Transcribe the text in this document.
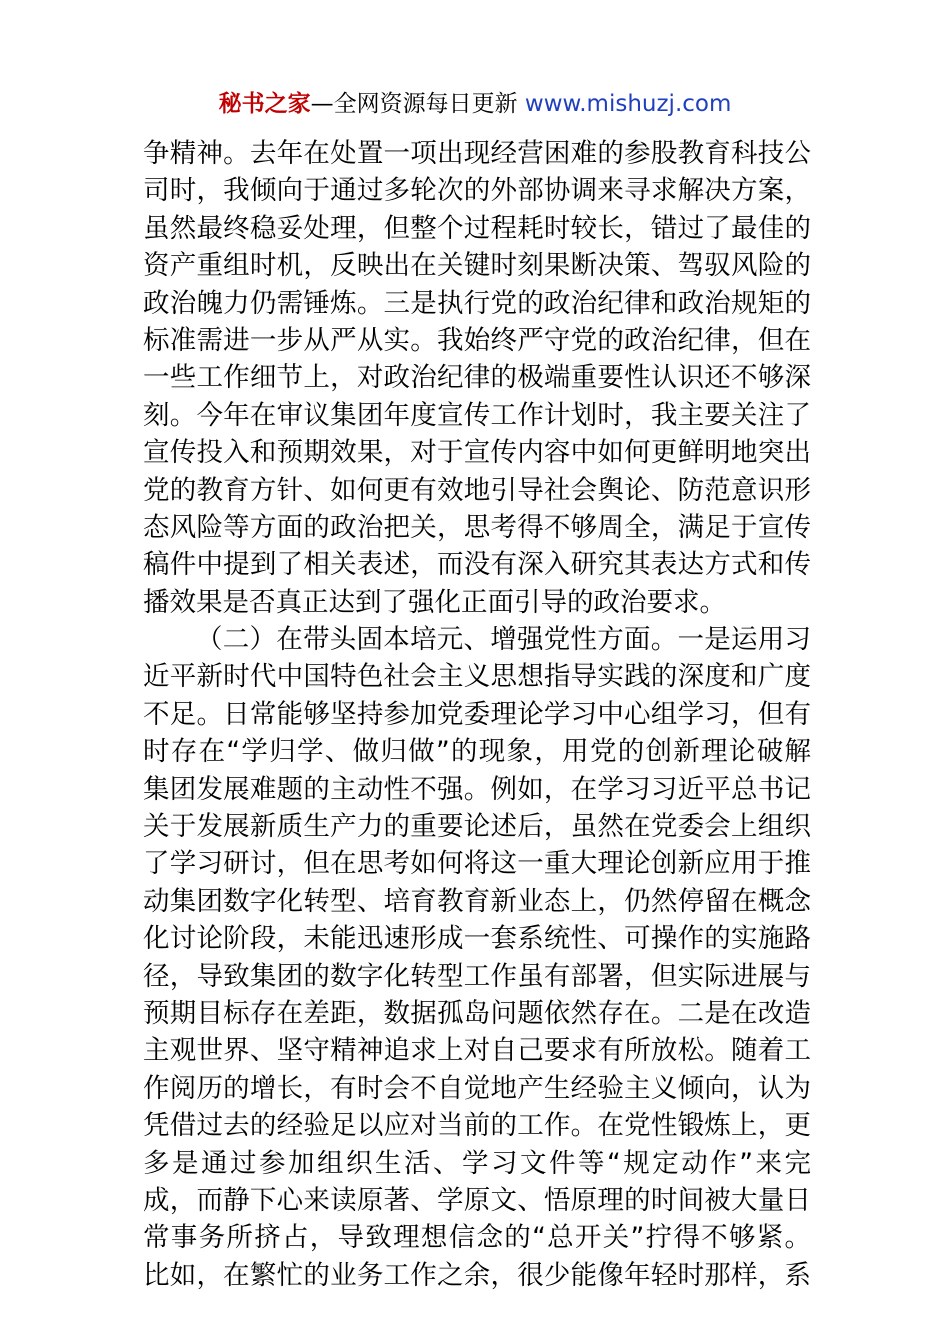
秘书之家—全网资源每日更新 www.mishuzj.com
争精神。去年在处置一项出现经营困难的参股教育科技公
司时，我倾向于通过多轮次的外部协调来寻求解决方案，
虽然最终稳妥处理，但整个过程耗时较长，错过了最佳的
资产重组时机，反映出在关键时刻果断决策、驾驭风险的
政治魄力仍需锤炼。三是执行党的政治纪律和政治规矩的
标准需进一步从严从实。我始终严守党的政治纪律，但在
一些工作细节上，对政治纪律的极端重要性认识还不够深
刻。今年在审议集团年度宣传工作计划时，我主要关注了
宣传投入和预期效果，对于宣传内容中如何更鲜明地突出
党的教育方针、如何更有效地引导社会舆论、防范意识形
态风险等方面的政治把关，思考得不够周全，满足于宣传
稿件中提到了相关表述，而没有深入研究其表达方式和传
播效果是否真正达到了强化正面引导的政治要求。
（二）在带头固本培元、增强党性方面。一是运用习
近平新时代中国特色社会主义思想指导实践的深度和广度
不足。日常能够坚持参加党委理论学习中心组学习，但有
时存在“学归学、做归做”的现象，用党的创新理论破解
集团发展难题的主动性不强。例如，在学习习近平总书记
关于发展新质生产力的重要论述后，虽然在党委会上组织
了学习研讨，但在思考如何将这一重大理论创新应用于推
动集团数字化转型、培育教育新业态上，仍然停留在概念
化讨论阶段，未能迅速形成一套系统性、可操作的实施路
径，导致集团的数字化转型工作虽有部署，但实际进展与
预期目标存在差距，数据孤岛问题依然存在。二是在改造
主观世界、坚守精神追求上对自己要求有所放松。随着工
作阅历的增长，有时会不自觉地产生经验主义倾向，认为
凭借过去的经验足以应对当前的工作。在党性锻炼上，更
多是通过参加组织生活、学习文件等“规定动作”来完
成，而静下心来读原著、学原文、悟原理的时间被大量日
常事务所挤占，导致理想信念的“总开关”拧得不够紧。
比如，在繁忙的业务工作之余，很少能像年轻时那样，系
